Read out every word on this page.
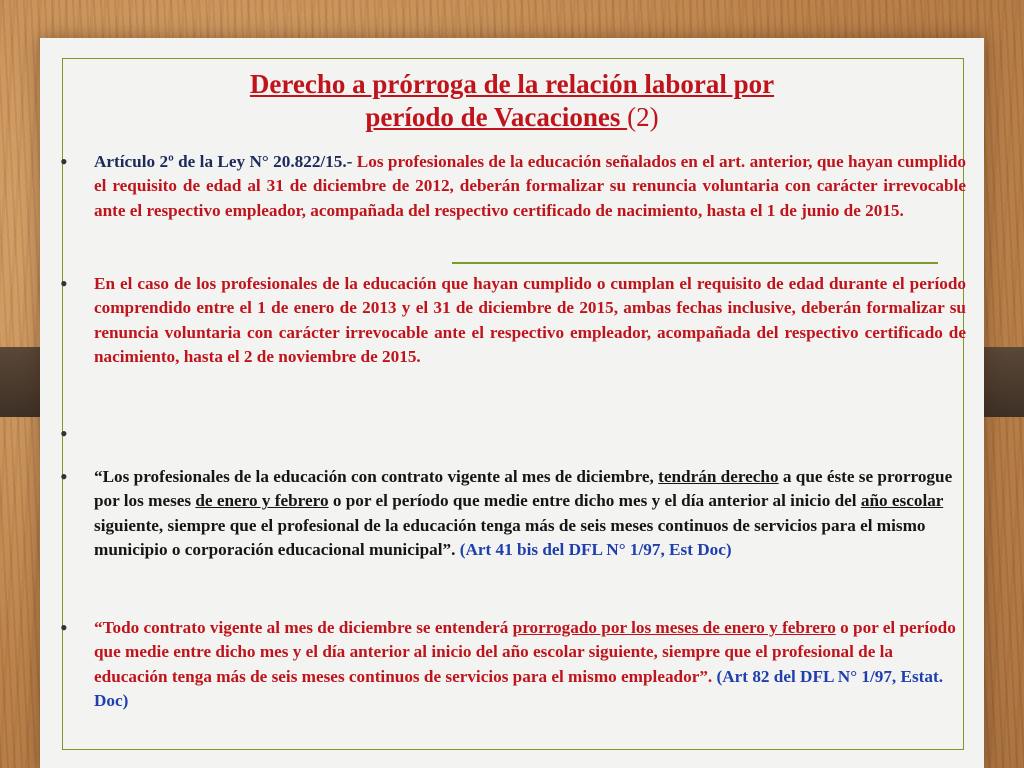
Derecho a prórroga de la relación laboral por
período de Vacaciones (2)
•	Artículo 2º de la Ley N° 20.822/15.- Los profesionales de la educación señalados en el art. anterior, que hayan cumplido el requisito de edad al 31 de diciembre de 2012, deberán formalizar su renuncia voluntaria con carácter irrevocable ante el respectivo empleador, acompañada del respectivo certificado de nacimiento, hasta el 1 de junio de 2015.
•	En el caso de los profesionales de la educación que hayan cumplido o cumplan el requisito de edad durante el período comprendido entre el 1 de enero de 2013 y el 31 de diciembre de 2015, ambas fechas inclusive, deberán formalizar su renuncia voluntaria con carácter irrevocable ante el respectivo empleador, acompañada del respectivo certificado de nacimiento, hasta el 2 de noviembre de 2015.
•
•	“Los profesionales de la educación con contrato vigente al mes de diciembre, tendrán derecho a que éste se prorrogue por los meses de enero y febrero o por el período que medie entre dicho mes y el día anterior al inicio del año escolar siguiente, siempre que el profesional de la educación tenga más de seis meses continuos de servicios para el mismo municipio o corporación educacional municipal”. (Art 41 bis del DFL N° 1/97, Est Doc)
•	“Todo contrato vigente al mes de diciembre se entenderá prorrogado por los meses de enero y febrero o por el período que medie entre dicho mes y el día anterior al inicio del año escolar siguiente, siempre que el profesional de la educación tenga más de seis meses continuos de servicios para el mismo empleador”. (Art 82 del DFL N° 1/97, Estat. Doc)
